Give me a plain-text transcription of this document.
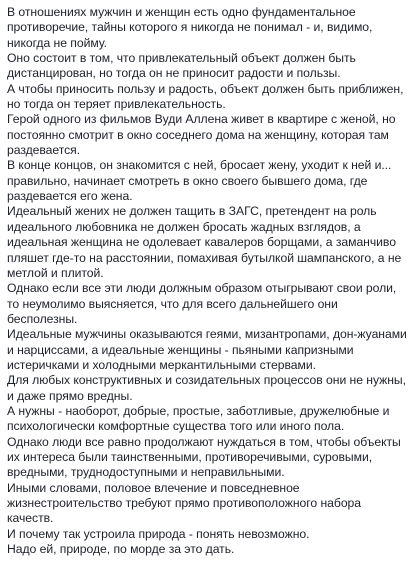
В отношениях мужчин и женщин есть одно фундаментальное противоречие, тайны которого я никогда не понимал - и, видимо, никогда не пойму.

Оно состоит в том, что привлекательный объект должен быть дистанцирован, но тогда он не приносит радости и пользы.

А чтобы приносить пользу и радость, объект должен быть приближен, но тогда он теряет привлекательность.

Герой одного из фильмов Вуди Аллена живет в квартире с женой, но постоянно смотрит в окно соседнего дома на женщину, которая там раздевается.

В конце концов, он знакомится с ней, бросает жену, уходит к ней и... правильно, начинает смотреть в окно своего бывшего дома, где раздевается его жена.

Идеальный жених не должен тащить в ЗАГС, претендент на роль идеального любовника не должен бросать жадных взглядов, а идеальная женщина не одолевает кавалеров борщами, а заманчиво пляшет где-то на расстоянии, помахивая бутылкой шампанского, а не метлой и плитой.

Однако если все эти люди должным образом отыгрывают свои роли, то неумолимо выясняется, что для всего дальнейшего они бесполезны.

Идеальные мужчины оказываются геями, мизантропами, дон-жуанами и нарциссами, а идеальные женщины - пьяными капризными истеричками и холодными меркантильными стервами.

Для любых конструктивных и созидательных процессов они не нужны, и даже прямо вредны.

А нужны - наоборот, добрые, простые, заботливые, дружелюбные и психологически комфортные существа того или иного пола.

Однако люди все равно продолжают нуждаться в том, чтобы объекты их интереса были таинственными, противоречивыми, суровыми, вредными, труднодоступными и неправильными.

Иными словами, половое влечение и повседневное жизнестроительство требуют прямо противоположного набора качеств.

И почему так устроила природа - понять невозможно.

Надо ей, природе, по морде за это дать.
